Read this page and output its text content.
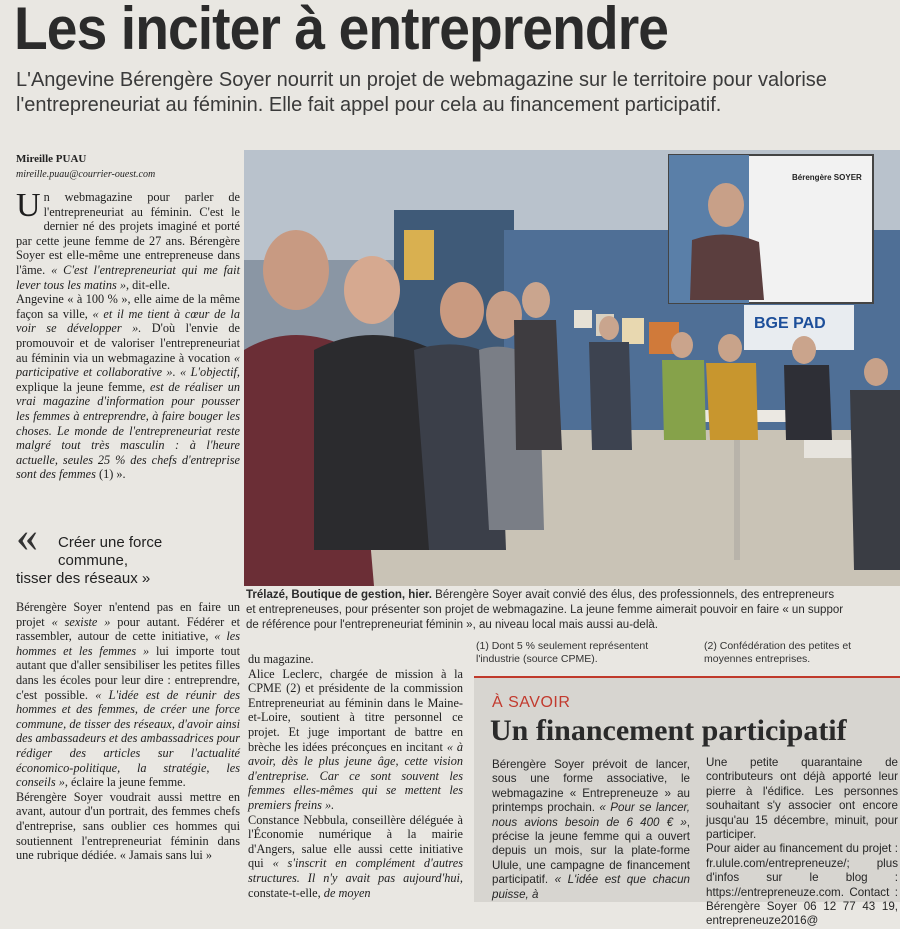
Les inciter à entreprendre
L'Angevine Bérengère Soyer nourrit un projet de webmagazine sur le territoire pour valorise l'entrepreneuriat au féminin. Elle fait appel pour cela au financement participatif.
Mireille PUAU
mireille.puau@courrier-ouest.com

Un webmagazine pour parler de l'entrepreneuriat au féminin. C'est le dernier né des projets imaginé et porté par cette jeune femme de 27 ans. Bérengère Soyer est elle-même une entrepreneuse dans l'âme. « C'est l'entrepreneuriat qui me fait lever tous les matins », dit-elle.

Angevine « à 100 % », elle aime de la même façon sa ville, « et il me tient à cœur de la voir se développer ». D'où l'envie de promouvoir et de valoriser l'entrepreneuriat au féminin via un webmagazine à vocation « participative et collaborative ». « L'objectif, explique la jeune femme, est de réaliser un vrai magazine d'information pour pousser les femmes à entreprendre, à faire bouger les choses. Le monde de l'entrepreneuriat reste malgré tout très masculin : à l'heure actuelle, seules 25 % des chefs d'entreprise sont des femmes (1) ».

«	Créer une force
commune,
tisser des réseaux »

Bérengère Soyer n'entend pas en faire un projet « sexiste » pour autant. Fédérer et rassembler, autour de cette initiative, « les hommes et les femmes » lui importe tout autant que d'aller sensibiliser les petites filles dans les écoles pour leur dire : entreprendre, c'est possible. « L'idée est de réunir des hommes et des femmes, de créer une force commune, de tisser des réseaux, d'avoir ainsi des ambassadeurs et des ambassadrices pour rédiger des articles sur l'actualité économico-politique, la stratégie, les conseils », éclaire la jeune femme.

Bérengère Soyer voudrait aussi mettre en avant, autour d'un portrait, des femmes chefs d'entreprise, sans oublier ces hommes qui soutiennent l'entrepreneuriat féminin dans une rubrique dédiée. « Jamais sans lui »

BGE PAD
Bérengère SOYER
Trélazé, Boutique de gestion, hier. Bérengère Soyer avait convié des élus, des professionnels, des entrepreneurs
et entrepreneuses, pour présenter son projet de webmagazine. La jeune femme aimerait pouvoir en faire « un suppor
de référence pour l'entrepreneuriat féminin », au niveau local mais aussi au-delà.

du magazine.

Alice Leclerc, chargée de mission à la CPME (2) et présidente de la commission Entrepreneuriat au féminin dans le Maine-et-Loire, soutient à titre personnel ce projet. Et juge important de battre en brèche les idées préconçues en incitant « à avoir, dès le plus jeune âge, cette vision d'entreprise. Car ce sont souvent les femmes elles-mêmes qui se mettent les premiers freins ».

Constance Nebbula, conseillère déléguée à l'Économie numérique à la mairie d'Angers, salue elle aussi cette initiative qui « s'inscrit en complément d'autres structures. Il n'y avait pas aujourd'hui, constate-t-elle, de moyen

(1) Dont 5 % seulement représentent l'industrie (source CPME).
(2) Confédération des petites et moyennes entreprises.
À SAVOIR
Un financement participatif

Bérengère Soyer prévoit de lancer, sous une forme associative, le webmagazine « Entrepreneuze » au printemps prochain. « Pour se lancer, nous avions besoin de 6 400 € », précise la jeune femme qui a ouvert depuis un mois, sur la plate-forme Ulule, une campagne de financement participatif. « L'idée est que chacun puisse, à

Une petite quarantaine de contributeurs ont déjà apporté leur pierre à l'édifice. Les personnes souhaitant s'y associer ont encore jusqu'au 15 décembre, minuit, pour participer.

Pour aider au financement du projet : fr.ulule.com/entrepreneuze/; plus d'infos sur le blog : https://entrepreneuze.com. Contact : Bérengère Soyer 06 12 77 43 19, entrepreneuze2016@
